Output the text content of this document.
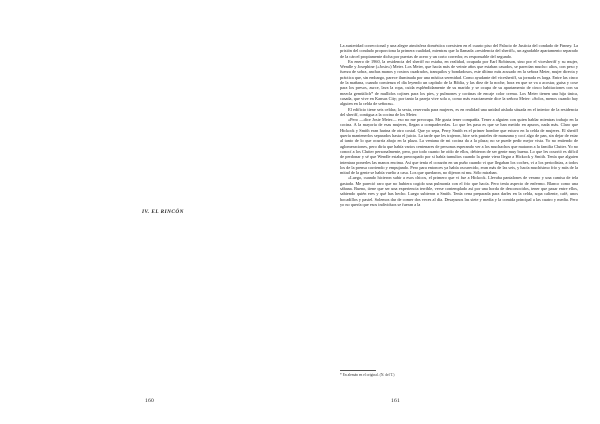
IV. EL RINCÓN
160

La austeridad correccional y una alegre atmósfera doméstica coexisten en el cuarto piso del Palacio de Justicia del condado de Finney. La prisión del condado proporciona la primera cualidad, mientras que la llamada «residencia del sheriff», un agradable apartamento separado de la cárcel propiamente dicha por puertas de acero y un corto corredor, es responsable del segundo.

En enero de 1960, la residencia del sheriff no estaba, en realidad, ocupada por Earl Robinson, sino por el vicesheriff y su mujer, Wendle y Josephine («Josie») Meier. Los Meier, que hacía más de veinte años que estaban casados, se parecían mucho: altos, con peso y fuerza de sobra, anchas manos y rostros cuadrados, tranquilos y bondadosos, este último más acusado en la señora Meier, mujer directa y práctica que, sin embargo, parece iluminada por una mística serenidad. Como ayudante del vicesheriff, su jornada es larga. Entre las cinco de la mañana, cuando comienza el día leyendo un capítulo de la Biblia, y las diez de la noche, hora en que se va a acostar, guisa y cose para los presos, zurce, lava la ropa, cuida espléndidamente de su marido y se ocupa de su apartamento de cinco habitaciones con su mezcla gemütlich* de mullidos cojines para los pies, y pulmones y cortinas de encaje color crema. Los Meier tienen una hija única, casada, que vive en Kansas City; por tanto la pareja vive sola o, como más exactamente dice la señora Meier: «Solos, menos cuando hay alguien en la celda de señoras».

El edificio tiene seis celdas; la sexta, reservada para mujeres, es en realidad una unidad aislada situada en el interior de la residencia del sheriff, contigua a la cocina de los Meier.

«Pero —dice Josie Meier— eso no me preocupa. Me gusta tener compañía. Tener a alguien con quien hablar mientras trabajo en la cocina. A la mayoría de esas mujeres, llegan a compadecerlas. Lo que les pasa es que se han metido en apuros, nada más. Claro que Hickock y Smith eran harina de otro costal. Que yo sepa, Perry Smith es el primer hombre que estuvo en la celda de mujeres. El sheriff quería mantenerlos separados hasta el juicio. La tarde que les trajeron, hice seis pasteles de manzana y cocí algo de pan, sin dejar de estar al tanto de lo que ocurría abajo en la plaza. La ventana de mi cocina da a la plaza; no se puede pedir mejor vista. Yo no entiendo de aglomeraciones, pero diría que había varios centenares de personas esperando ver a los muchachos que mataron a la familia Clutter. Yo no conocí a los Clutter personalmente, pero, por todo cuanto he oído de ellos, debieron de ser gente muy buena. Lo que les ocurrió es difícil de perdonar y sé que Wendle estaba preocupado por si había tumultos cuando la gente viera llegar a Hickock y Smith. Tenía que alguien intentara ponerles las manos encima. Así que tenía el corazón en un puño cuando vi que llegaban los coches, vi a los periodistas, a todos los de la prensa corriendo y empujando. Pero para entonces ya había oscurecido, eran más de las seis, y hacía muchísimo frío y más de la mitad de la gente se había vuelto a casa. Los que quedaron, no dijeron ni mu. Sólo miraban.

»Luego, cuando hicieron subir a esos chicos, el primero que vi fue a Hickock. Llevaba pantalones de verano y una camisa de tela gastada. Me pareció raro que no hubiera cogido una pulmonía con el frío que hacía. Pero tenía aspecto de enfermo. Blanco como una sábana. Bueno, tiene que ser una experiencia terrible, verse contemplado así por una horda de desconocidos, tener que pasar entre ellos, sabiendo quién eres y qué has hecho. Luego subieron a Smith. Tenía cena preparada para darles en la celda, sopa caliente, café, unos bocadillos y pastel. Solemos dar de comer dos veces al día. Desayunos las siete y media y la comida principal a las cuatro y media. Pero yo no quería que esos individuos se fueran a la

* En alemán en el original. (N. del T.)
161
